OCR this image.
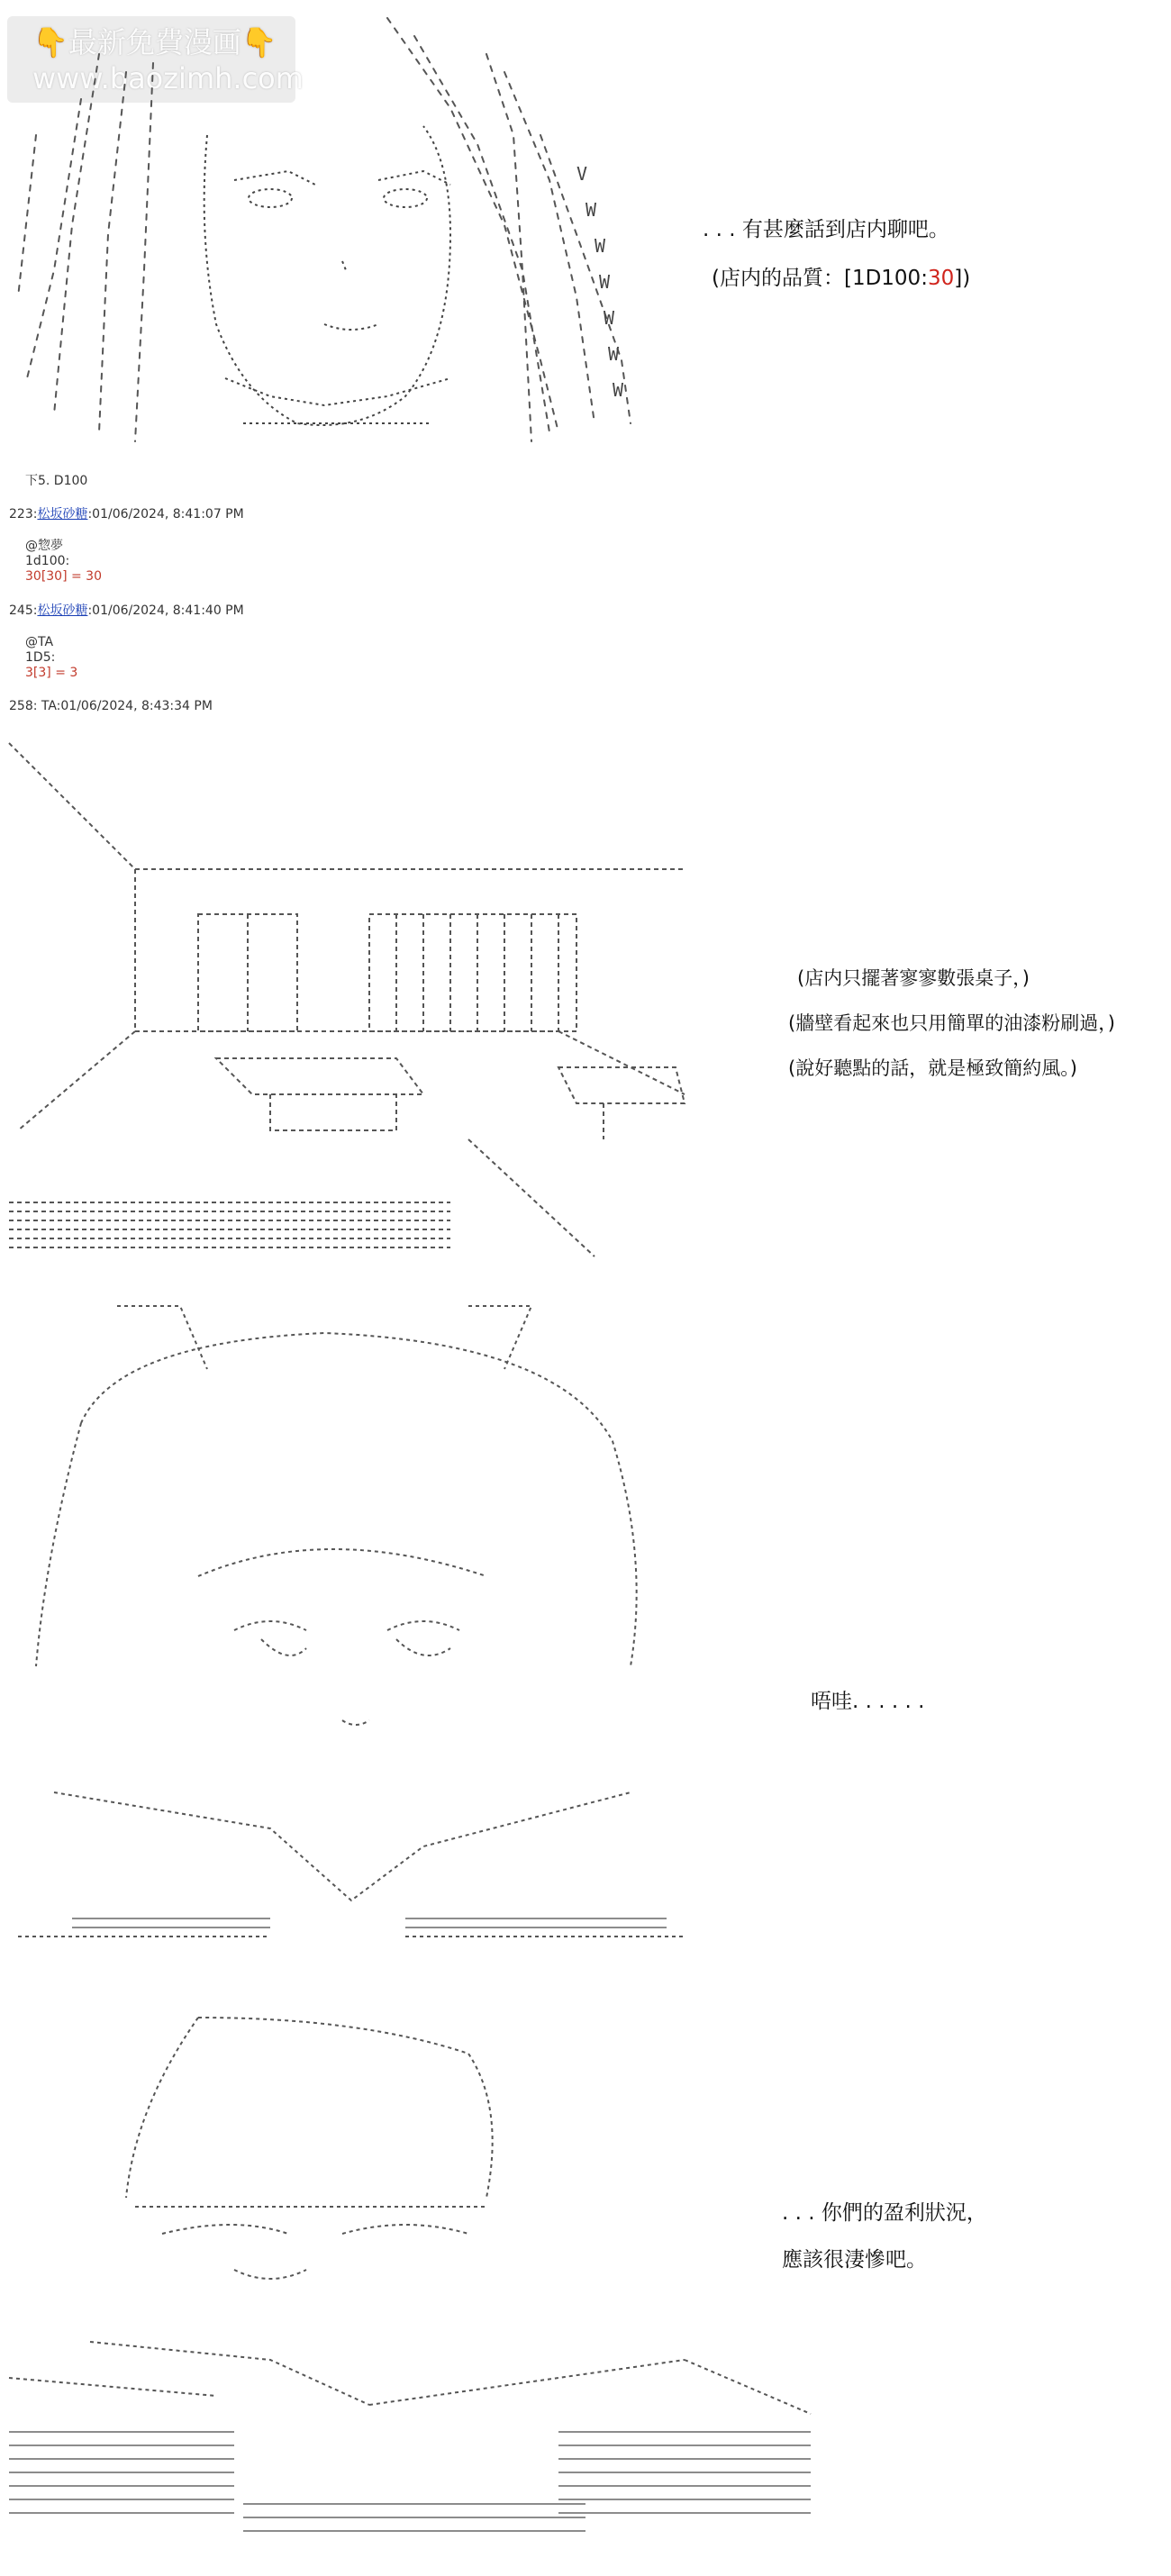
👇最新免費漫画👇
www.baozimh.com
V
W
W
W
W
W
W
. . . 有甚麼話到店内聊吧。
(店内的品質：[1D100:30])
下5. D100
223:松坂砂糖:01/06/2024, 8:41:07 PM
@惣夢
1d100:
30[30] = 30
245:松坂砂糖:01/06/2024, 8:41:40 PM
@TA
1D5:
3[3] = 3
258: TA:01/06/2024, 8:43:34 PM
(店内只擺著寥寥數張桌子，)
(牆壁看起來也只用簡單的油漆粉刷過，)
(說好聽點的話，就是極致簡約風。)
唔哇. . . . . .
. . . 你們的盈利狀況，
應該很淒慘吧。
